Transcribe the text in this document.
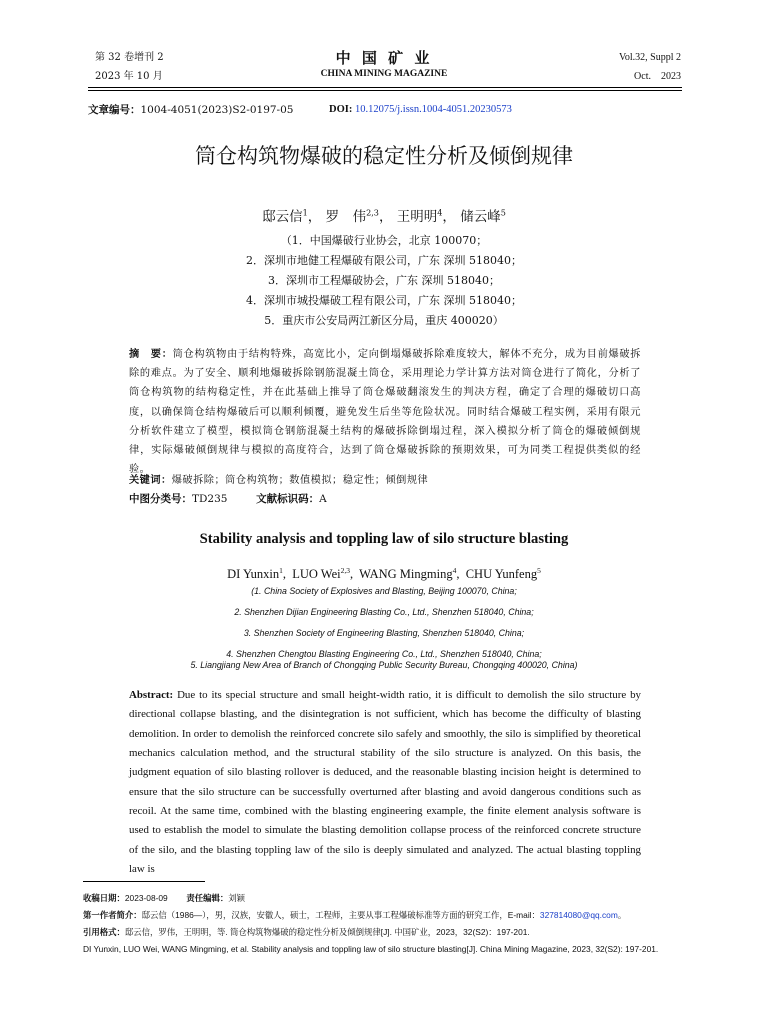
第 32 卷增刊 2
2023 年 10 月
中 国 矿 业
CHINA MINING MAGAZINE
Vol.32, Suppl 2
Oct.    2023
文章编号：1004-4051(2023)S2-0197-05	DOI: 10.12075/j.issn.1004-4051.20230573
筒仓构筑物爆破的稳定性分析及倾倒规律
邸云信$^1$， 罗　伟$^{2,3}$， 王明明$^4$， 储云峰$^5$
（1．中国爆破行业协会，北京 100070；
2．深圳市地健工程爆破有限公司，广东 深圳 518040；
3．深圳市工程爆破协会，广东 深圳 518040；
4．深圳市城投爆破工程有限公司，广东 深圳 518040；
5．重庆市公安局两江新区分局，重庆 400020）
摘　要：筒仓构筑物由于结构特殊，高宽比小，定向倒塌爆破拆除难度较大，解体不充分，成为目前爆破拆除的难点。为了安全、顺利地爆破拆除钢筋混凝土筒仓，采用理论力学计算方法对筒仓进行了简化，分析了筒仓构筑物的结构稳定性，并在此基础上推导了筒仓爆破翻滚发生的判决方程，确定了合理的爆破切口高度，以确保筒仓结构爆破后可以顺利倾覆，避免发生后坐等危险状况。同时结合爆破工程实例，采用有限元分析软件建立了模型，模拟筒仓钢筋混凝土结构的爆破拆除倒塌过程，深入模拟分析了筒仓的爆破倾倒规律，实际爆破倾倒规律与模拟的高度符合，达到了筒仓爆破拆除的预期效果，可为同类工程提供类似的经验。
关键词：爆破拆除；筒仓构筑物；数值模拟；稳定性；倾倒规律
中图分类号：TD235	文献标识码：A
Stability analysis and toppling law of silo structure blasting
DI Yunxin$^1$,  LUO Wei$^{2,3}$,  WANG Mingming$^4$,  CHU Yunfeng$^5$
(1. China Society of Explosives and Blasting, Beijing 100070, China;
2. Shenzhen Dijian Engineering Blasting Co., Ltd., Shenzhen 518040, China;
3. Shenzhen Society of Engineering Blasting, Shenzhen 518040, China;
4. Shenzhen Chengtou Blasting Engineering Co., Ltd., Shenzhen 518040, China;
5. Liangjiang New Area of Branch of Chongqing Public Security Bureau, Chongqing 400020, China)
Abstract: Due to its special structure and small height-width ratio, it is difficult to demolish the silo structure by directional collapse blasting, and the disintegration is not sufficient, which has become the difficulty of blasting demolition. In order to demolish the reinforced concrete silo safely and smoothly, the silo is simplified by theoretical mechanics calculation method, and the structural stability of the silo structure is analyzed. On this basis, the judgment equation of silo blasting rollover is deduced, and the reasonable blasting incision height is determined to ensure that the silo structure can be successfully overturned after blasting and avoid dangerous conditions such as recoil. At the same time, combined with the blasting engineering example, the finite element analysis software is used to establish the model to simulate the blasting demolition collapse process of the reinforced concrete structure of the silo, and the blasting toppling law of the silo is deeply simulated and analyzed. The actual blasting toppling law is
收稿日期：2023-08-09 责任编辑：刘颖
第一作者简介：邸云信（1986—），男，汉族，安徽人，硕士，工程师，主要从事工程爆破标准等方面的研究工作，E-mail：327814080@qq.com。
引用格式：邸云信，罗伟，王明明，等. 筒仓构筑物爆破的稳定性分析及倾倒规律[J]. 中国矿业，2023，32(S2)：197-201.
DI Yunxin, LUO Wei, WANG Mingming, et al. Stability analysis and toppling law of silo structure blasting[J]. China Mining Magazine, 2023, 32(S2): 197-201.
